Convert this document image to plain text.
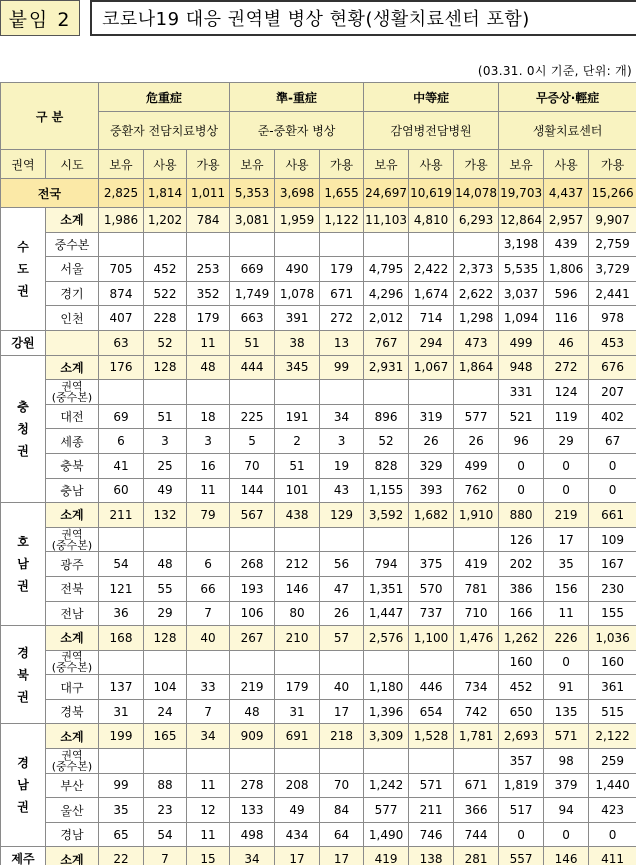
붙임 2	코로나19 대응 권역별 병상 현황(생활치료센터 포함)
(03.31. 0시 기준, 단위: 개)
구 분		危重症			準-重症			中等症			무증상·輕症		
		중환자 전담치료병상			준-중환자 병상			감염병전담병원			생활치료센터		
권역	시도	보유	사용	가용	보유	사용	가용	보유	사용	가용	보유	사용	가용
전국		2,825	1,814	1,011	5,353	3,698	1,655	24,697	10,619	14,078	19,703	4,437	15,266
수도권	소계	1,986	1,202	784	3,081	1,959	1,122	11,103	4,810	6,293	12,864	2,957	9,907
	중수본										3,198	439	2,759
	서울	705	452	253	669	490	179	4,795	2,422	2,373	5,535	1,806	3,729
	경기	874	522	352	1,749	1,078	671	4,296	1,674	2,622	3,037	596	2,441
	인천	407	228	179	663	391	272	2,012	714	1,298	1,094	116	978
강원		63	52	11	51	38	13	767	294	473	499	46	453
충청권	소계	176	128	48	444	345	99	2,931	1,067	1,864	948	272	676
	권역(중수본)										331	124	207
	대전	69	51	18	225	191	34	896	319	577	521	119	402
	세종	6	3	3	5	2	3	52	26	26	96	29	67
	충북	41	25	16	70	51	19	828	329	499	0	0	0
	충남	60	49	11	144	101	43	1,155	393	762	0	0	0
호남권	소계	211	132	79	567	438	129	3,592	1,682	1,910	880	219	661
	권역(중수본)										126	17	109
	광주	54	48	6	268	212	56	794	375	419	202	35	167
	전북	121	55	66	193	146	47	1,351	570	781	386	156	230
	전남	36	29	7	106	80	26	1,447	737	710	166	11	155
경북권	소계	168	128	40	267	210	57	2,576	1,100	1,476	1,262	226	1,036
	권역(중수본)										160	0	160
	대구	137	104	33	219	179	40	1,180	446	734	452	91	361
	경북	31	24	7	48	31	17	1,396	654	742	650	135	515
경남권	소계	199	165	34	909	691	218	3,309	1,528	1,781	2,693	571	2,122
	권역(중수본)										357	98	259
	부산	99	88	11	278	208	70	1,242	571	671	1,819	379	1,440
	울산	35	23	12	133	49	84	577	211	366	517	94	423
	경남	65	54	11	498	434	64	1,490	746	744	0	0	0
제주	소계	22	7	15	34	17	17	419	138	281	557	146	411
